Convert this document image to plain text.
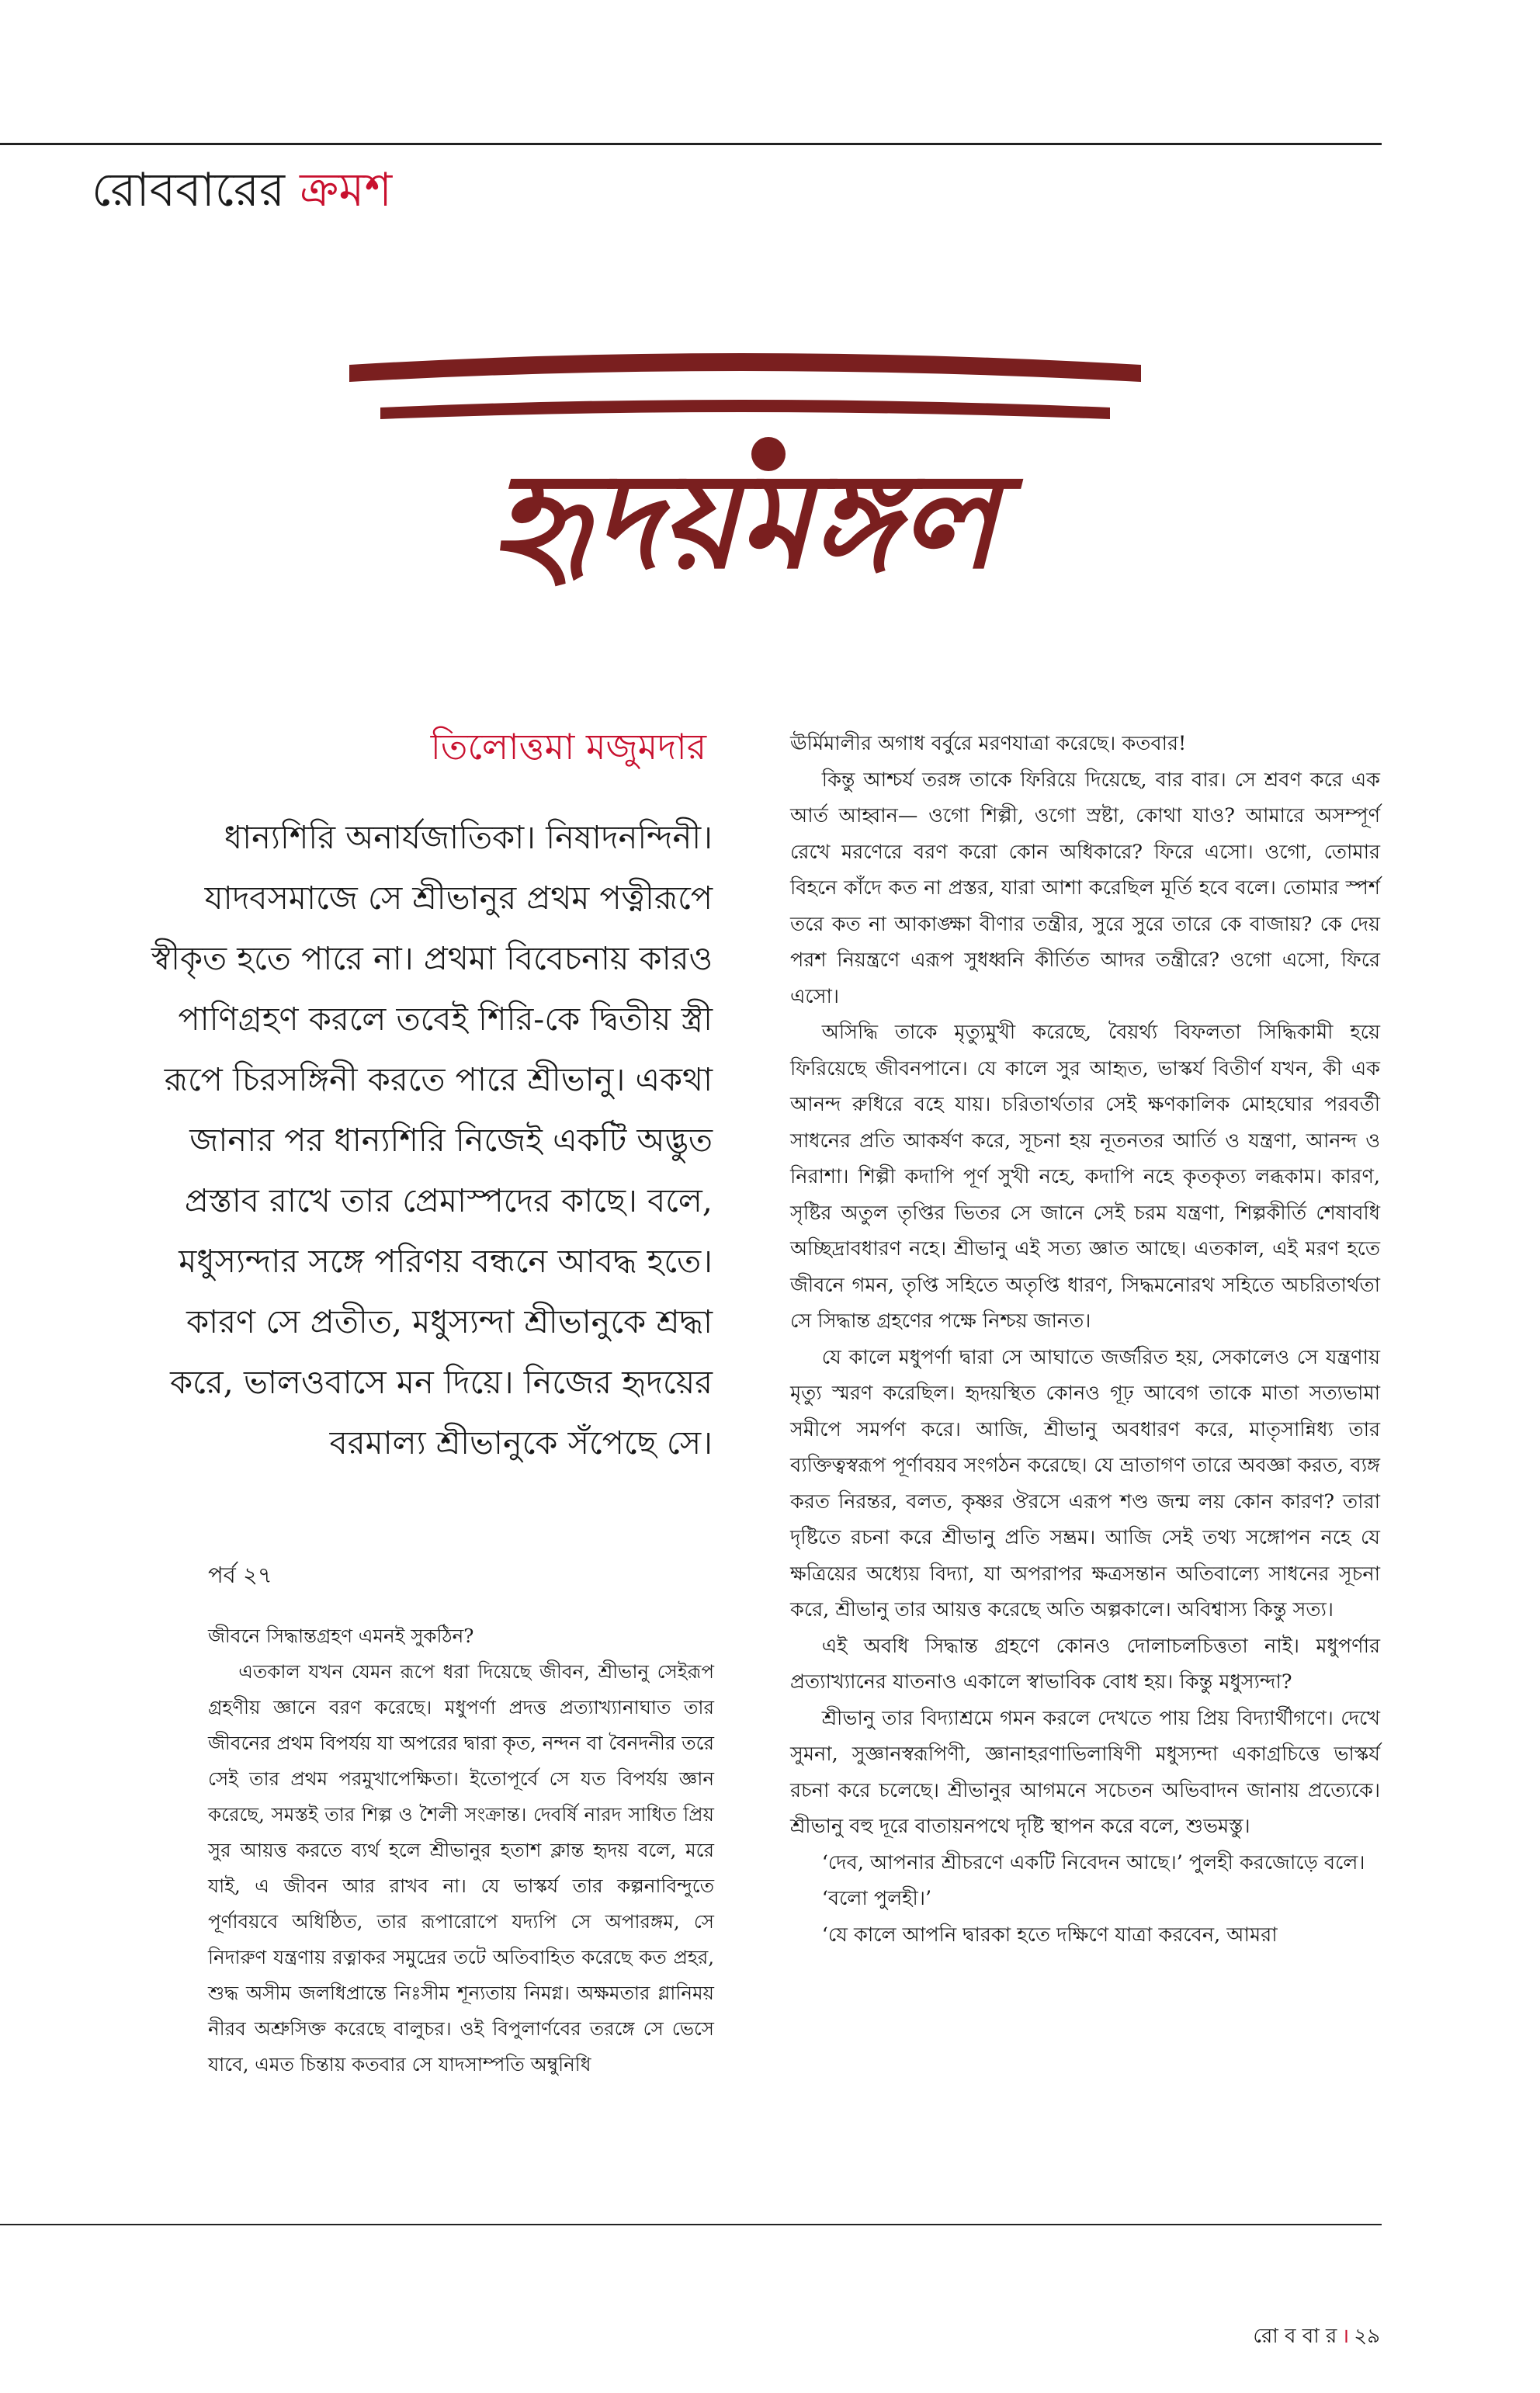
রোববারের ক্রমশ
হৃদয়মঙ্গল
তিলোত্তমা মজুমদার

ধান্যশিরি অনার্যজাতিকা। নিষাদনন্দিনী। যাদবসমাজে সে শ্রীভানুর প্রথম পত্নীরূপে স্বীকৃত হতে পারে না। প্রথমা বিবেচনায় কারও পাণিগ্রহণ করলে তবেই শিরি-কে দ্বিতীয় স্ত্রী রূপে চিরসঙ্গিনী করতে পারে শ্রীভানু। একথা জানার পর ধান্যশিরি নিজেই একটি অদ্ভুত প্রস্তাব রাখে তার প্রেমাস্পদের কাছে। বলে, মধুস্যন্দার সঙ্গে পরিণয় বন্ধনে আবদ্ধ হতে। কারণ সে প্রতীত, মধুস্যন্দা শ্রীভানুকে শ্রদ্ধা করে, ভালওবাসে মন দিয়ে। নিজের হৃদয়ের বরমাল্য শ্রীভানুকে সঁপেছে সে।

পর্ব ২৭

জীবনে সিদ্ধান্তগ্রহণ এমনই সুকঠিন?

এতকাল যখন যেমন রূপে ধরা দিয়েছে জীবন, শ্রীভানু সেইরূপ গ্রহণীয় জ্ঞানে বরণ করেছে। মধুপর্ণা প্রদত্ত প্রত্যাখ্যানাঘাত তার জীবনের প্রথম বিপর্যয় যা অপরের দ্বারা কৃত, নন্দন বা বৈনদনীর তরে সেই তার প্রথম পরমুখাপেক্ষিতা। ইতোপূর্বে সে যত বিপর্যয় জ্ঞান করেছে, সমস্তই তার শিল্প ও শৈলী সংক্রান্ত। দেবর্ষি নারদ সাধিত প্রিয় সুর আয়ত্ত করতে ব্যর্থ হলে শ্রীভানুর হতাশ ক্লান্ত হৃদয় বলে, মরে যাই, এ জীবন আর রাখব না। যে ভাস্কর্য তার কল্পনাবিন্দুতে পূর্ণাবয়বে অধিষ্ঠিত, তার রূপারোপে যদ্যপি সে অপারঙ্গম, সে নিদারুণ যন্ত্রণায় রত্নাকর সমুদ্রের তটে অতিবাহিত করেছে কত প্রহর, শুদ্ধ অসীম জলধিপ্রান্তে নিঃসীম শূন্যতায় নিমগ্ন। অক্ষমতার গ্লানিময় নীরব অশ্রুসিক্ত করেছে বালুচর। ওই বিপুলার্ণবের তরঙ্গে সে ভেসে যাবে, এমত চিন্তায় কতবার সে যাদসাম্পতি অম্বুনিধি

ঊর্মিমালীর অগাধ বর্বুরে মরণযাত্রা করেছে। কতবার!

কিন্তু আশ্চর্য তরঙ্গ তাকে ফিরিয়ে দিয়েছে, বার বার। সে শ্রবণ করে এক আর্ত আহ্বান— ওগো শিল্পী, ওগো স্রষ্টা, কোথা যাও? আমারে অসম্পূর্ণ রেখে মরণেরে বরণ করো কোন অধিকারে? ফিরে এসো। ওগো, তোমার বিহনে কাঁদে কত না প্রস্তর, যারা আশা করেছিল মূর্তি হবে বলে। তোমার স্পর্শ তরে কত না আকাঙ্ক্ষা বীণার তন্ত্রীর, সুরে সুরে তারে কে বাজায়? কে দেয় পরশ নিয়ন্ত্রণে এরূপ সুধধ্বনি কীর্তিত আদর তন্ত্রীরে? ওগো এসো, ফিরে এসো।

অসিদ্ধি তাকে মৃত্যুমুখী করেছে, বৈয়র্থ্য বিফলতা সিদ্ধিকামী হয়ে ফিরিয়েছে জীবনপানে। যে কালে সুর আহৃত, ভাস্কর্য বিতীর্ণ যখন, কী এক আনন্দ রুধিরে বহে যায়। চরিতার্থতার সেই ক্ষণকালিক মোহঘোর পরবর্তী সাধনের প্রতি আকর্ষণ করে, সূচনা হয় নূতনতর আর্তি ও যন্ত্রণা, আনন্দ ও নিরাশা। শিল্পী কদাপি পূর্ণ সুখী নহে, কদাপি নহে কৃতকৃত্য লব্ধকাম। কারণ, সৃষ্টির অতুল তৃপ্তির ভিতর সে জানে সেই চরম যন্ত্রণা, শিল্পকীর্তি শেষাবধি অচ্ছিদ্রাবধারণ নহে। শ্রীভানু এই সত্য জ্ঞাত আছে। এতকাল, এই মরণ হতে জীবনে গমন, তৃপ্তি সহিতে অতৃপ্তি ধারণ, সিদ্ধমনোরথ সহিতে অচরিতার্থতা সে সিদ্ধান্ত গ্রহণের পক্ষে নিশ্চয় জানত।

যে কালে মধুপর্ণা দ্বারা সে আঘাতে জর্জরিত হয়, সেকালেও সে যন্ত্রণায় মৃত্যু স্মরণ করেছিল। হৃদয়স্থিত কোনও গূঢ় আবেগ তাকে মাতা সত্যভামা সমীপে সমর্পণ করে। আজি, শ্রীভানু অবধারণ করে, মাতৃসান্নিধ্য তার ব্যক্তিত্বস্বরূপ পূর্ণাবয়ব সংগঠন করেছে। যে ভ্রাতাগণ তারে অবজ্ঞা করত, ব্যঙ্গ করত নিরন্তর, বলত, কৃষ্ণর ঔরসে এরূপ শণ্ড জন্ম লয় কোন কারণ? তারা দৃষ্টিতে রচনা করে শ্রীভানু প্রতি সম্ভ্রম। আজি সেই তথ্য সঙ্গোপন নহে যে ক্ষত্রিয়ের অধ্যেয় বিদ্যা, যা অপরাপর ক্ষত্রসন্তান অতিবাল্যে সাধনের সূচনা করে, শ্রীভানু তার আয়ত্ত করেছে অতি অল্পকালে। অবিশ্বাস্য কিন্তু সত্য।

এই অবধি সিদ্ধান্ত গ্রহণে কোনও দোলাচলচিত্ততা নাই। মধুপর্ণার প্রত্যাখ্যানের যাতনাও একালে স্বাভাবিক বোধ হয়। কিন্তু মধুস্যন্দা?

শ্রীভানু তার বিদ্যাশ্রমে গমন করলে দেখতে পায় প্রিয় বিদ্যার্থীগণে। দেখে সুমনা, সুজ্ঞানস্বরূপিণী, জ্ঞানাহরণাভিলাষিণী মধুস্যন্দা একাগ্রচিত্তে ভাস্কর্য রচনা করে চলেছে। শ্রীভানুর আগমনে সচেতন অভিবাদন জানায় প্রত্যেকে। শ্রীভানু বহু দূরে বাতায়নপথে দৃষ্টি স্থাপন করে বলে, শুভমস্তু।

‘দেব, আপনার শ্রীচরণে একটি নিবেদন আছে।’ পুলহী করজোড়ে বলে।

‘বলো পুলহী।’

‘যে কালে আপনি দ্বারকা হতে দক্ষিণে যাত্রা করবেন, আমরা

রো ব বা র । ২৯
